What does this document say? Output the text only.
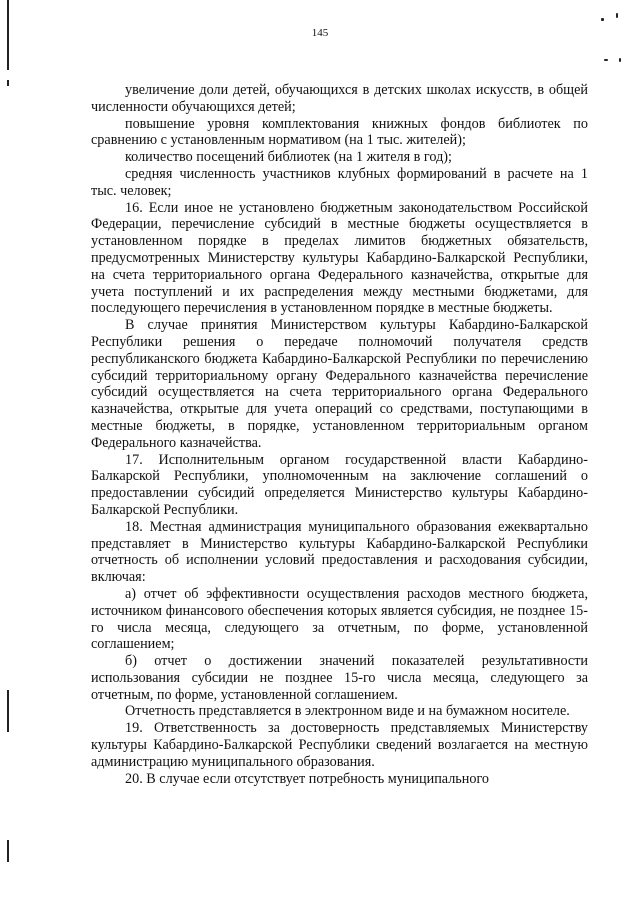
145

увеличение доли детей, обучающихся в детских школах искусств, в общей численности обучающихся детей;

повышение уровня комплектования книжных фондов библиотек по сравнению с установленным нормативом (на 1 тыс. жителей);

количество посещений библиотек (на 1 жителя в год);

средняя численность участников клубных формирований в расчете на 1 тыс. человек;

16. Если иное не установлено бюджетным законодательством Российской Федерации, перечисление субсидий в местные бюджеты осуществляется в установленном порядке в пределах лимитов бюджетных обязательств, предусмотренных Министерству культуры Кабардино-Балкарской Республики, на счета территориального органа Федерального казначейства, открытые для учета поступлений и их распределения между местными бюджетами, для последующего перечисления в установленном порядке в местные бюджеты.

В случае принятия Министерством культуры Кабардино-Балкарской Республики решения о передаче полномочий получателя средств республиканского бюджета Кабардино-Балкарской Республики по перечислению субсидий территориальному органу Федерального казначейства перечисление субсидий осуществляется на счета территориального органа Федерального казначейства, открытые для учета операций со средствами, поступающими в местные бюджеты, в порядке, установленном территориальным органом Федерального казначейства.

17. Исполнительным органом государственной власти Кабардино-Балкарской Республики, уполномоченным на заключение соглашений о предоставлении субсидий определяется Министерство культуры Кабардино-Балкарской Республики.

18. Местная администрация муниципального образования ежеквартально представляет в Министерство культуры Кабардино-Балкарской Республики отчетность об исполнении условий предоставления и расходования субсидии, включая:

а) отчет об эффективности осуществления расходов местного бюджета, источником финансового обеспечения которых является субсидия, не позднее 15-го числа месяца, следующего за отчетным, по форме, установленной соглашением;

б) отчет о достижении значений показателей результативности использования субсидии не позднее 15-го числа месяца, следующего за отчетным, по форме, установленной соглашением.

Отчетность представляется в электронном виде и на бумажном носителе.

19. Ответственность за достоверность представляемых Министерству культуры Кабардино-Балкарской Республики сведений возлагается на местную администрацию муниципального образования.

20. В случае если отсутствует потребность муниципального
